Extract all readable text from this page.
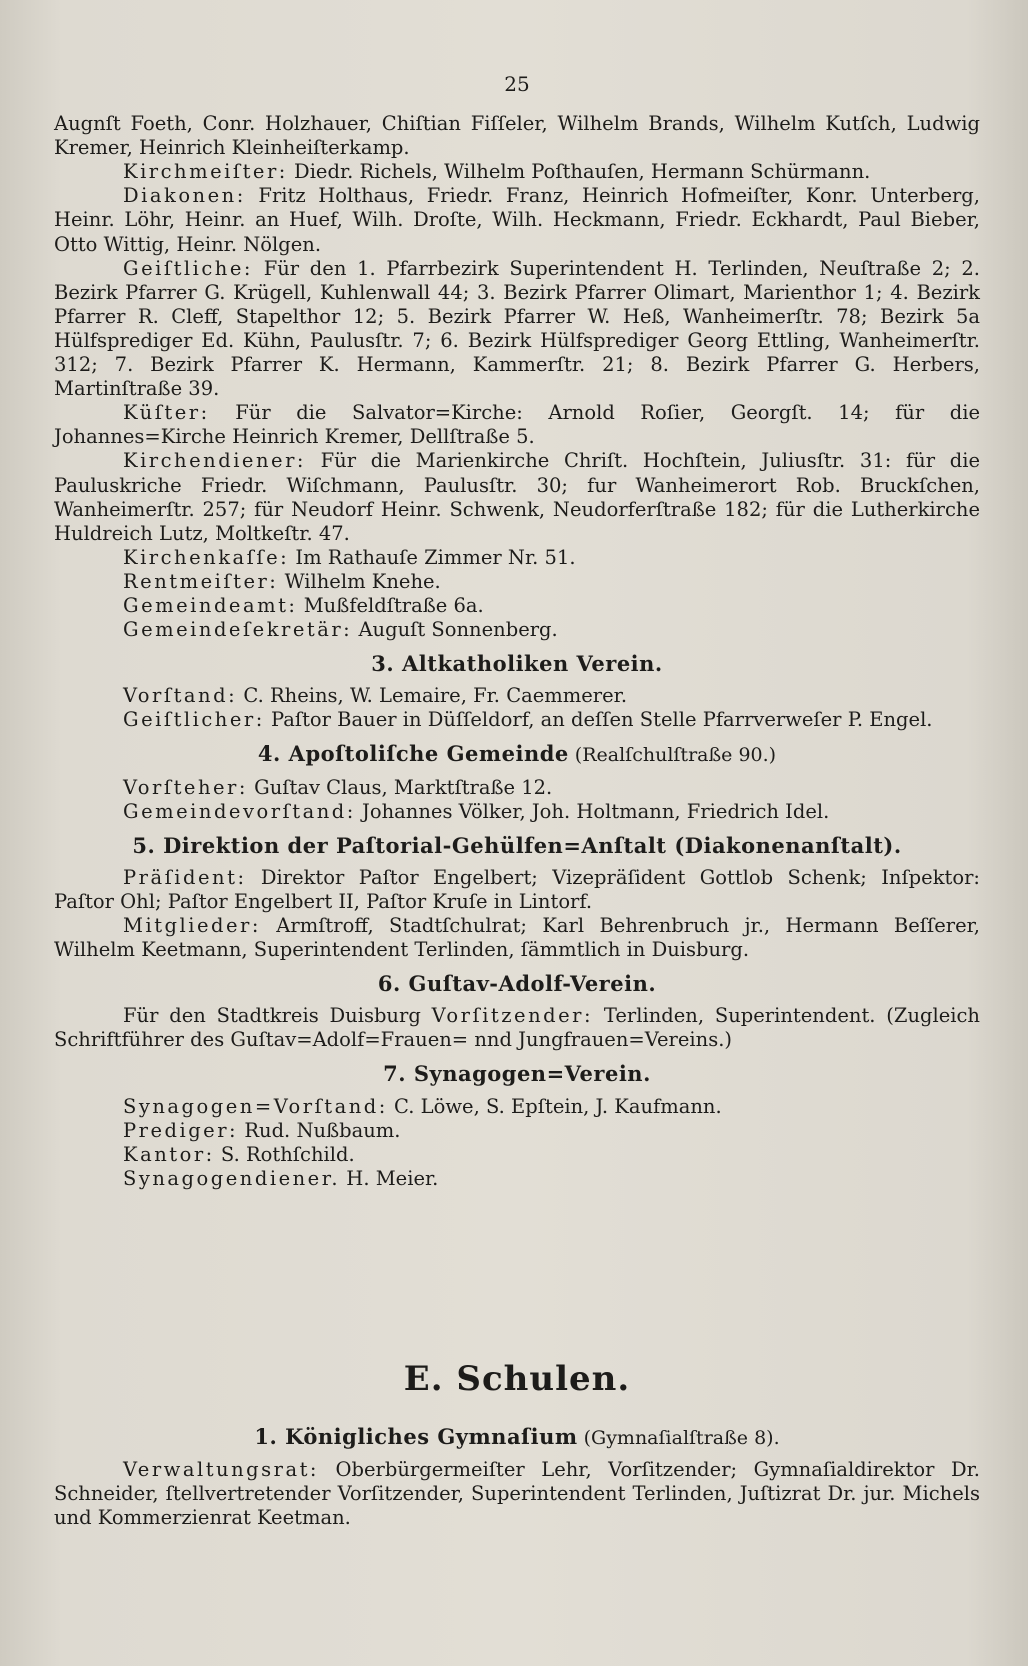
25

Augnſt Foeth, Conr. Holzhauer, Chiſtian Fiſſeler, Wilhelm Brands, Wilhelm Kutſch, Ludwig Kremer, Heinrich Kleinheiſterkamp.

Kirchmeiſter: Diedr. Richels, Wilhelm Poſthauſen, Hermann Schürmann.

Diakonen: Fritz Holthaus, Friedr. Franz, Heinrich Hofmeiſter, Konr. Unterberg, Heinr. Löhr, Heinr. an Huef, Wilh. Droſte, Wilh. Heckmann, Friedr. Eckhardt, Paul Bieber, Otto Wittig, Heinr. Nölgen.

Geiſtliche: Für den 1. Pfarrbezirk Superintendent H. Terlinden, Neuſtraße 2; 2. Bezirk Pfarrer G. Krügell, Kuhlenwall 44; 3. Bezirk Pfarrer Olimart, Marienthor 1; 4. Bezirk Pfarrer R. Cleff, Stapelthor 12; 5. Bezirk Pfarrer W. Heß, Wanheimerſtr. 78; Bezirk 5a Hülfsprediger Ed. Kühn, Paulusſtr. 7; 6. Bezirk Hülfsprediger Georg Ettling, Wanheimerſtr. 312; 7. Bezirk Pfarrer K. Hermann, Kammerſtr. 21; 8. Bezirk Pfarrer G. Herbers, Martinſtraße 39.

Küſter: Für die Salvator=Kirche: Arnold Roſier, Georgſt. 14; für die Johannes=Kirche Heinrich Kremer, Dellſtraße 5.

Kirchendiener: Für die Marienkirche Chriſt. Hochſtein, Juliusſtr. 31: für die Pauluskriche Friedr. Wiſchmann, Paulusſtr. 30; fur Wanheimerort Rob. Bruckſchen, Wanheimerſtr. 257; für Neudorf Heinr. Schwenk, Neudorferſtraße 182; für die Lutherkirche Huldreich Lutz, Moltkeſtr. 47.

Kirchenkaſſe: Im Rathauſe Zimmer Nr. 51.

Rentmeiſter: Wilhelm Knehe.

Gemeindeamt: Mußfeldſtraße 6a.

Gemeindeſekretär: Auguſt Sonnenberg.

3. Altkatholiken Verein.

Vorſtand: C. Rheins, W. Lemaire, Fr. Caemmerer.

Geiſtlicher: Paſtor Bauer in Düſſeldorf, an deſſen Stelle Pfarrverweſer P. Engel.

4. Apoſtoliſche Gemeinde (Realſchulſtraße 90.)

Vorſteher: Guſtav Claus, Marktſtraße 12.

Gemeindevorſtand: Johannes Völker, Joh. Holtmann, Friedrich Idel.

5. Direktion der Paſtorial-Gehülfen=Anſtalt (Diakonenanſtalt).

Präſident: Direktor Paſtor Engelbert; Vizepräſident Gottlob Schenk; Inſpektor: Paſtor Ohl; Paſtor Engelbert II, Paſtor Kruſe in Lintorf.

Mitglieder: Armſtroff, Stadtſchulrat; Karl Behrenbruch jr., Hermann Beſſerer, Wilhelm Keetmann, Superintendent Terlinden, ſämmtlich in Duisburg.

6. Guſtav-Adolf-Verein.

Für den Stadtkreis Duisburg Vorſitzender: Terlinden, Superintendent. (Zugleich Schriftführer des Guſtav=Adolf=Frauen= nnd Jungfrauen=Vereins.)

7. Synagogen=Verein.

Synagogen=Vorſtand: C. Löwe, S. Epſtein, J. Kaufmann.

Prediger: Rud. Nußbaum.

Kantor: S. Rothſchild.

Synagogendiener. H. Meier.

E. Schulen.
1. Königliches Gymnaſium (Gymnaſialſtraße 8).

Verwaltungsrat: Oberbürgermeiſter Lehr, Vorſitzender; Gymnaſialdirektor Dr. Schneider, ſtellvertretender Vorſitzender, Superintendent Terlinden, Juſtizrat Dr. jur. Michels und Kommerzienrat Keetman.
